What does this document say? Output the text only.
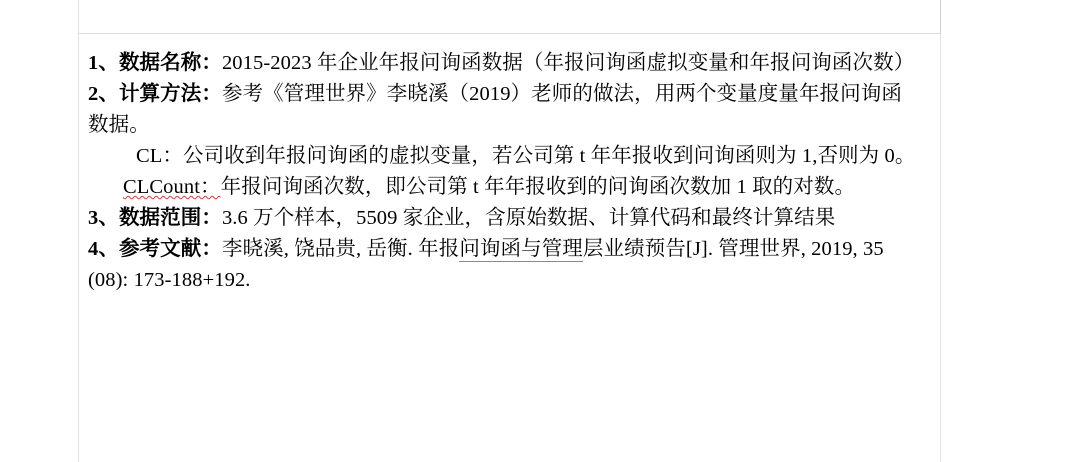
1、数据名称：2015-2023 年企业年报问询函数据（年报问询函虚拟变量和年报问询函次数）
2、计算方法：参考《管理世界》李晓溪（2019）老师的做法，用两个变量度量年报问询函
数据。
CL：公司收到年报问询函的虚拟变量，若公司第 t 年年报收到问询函则为 1,否则为 0。
CLCount：年报问询函次数，即公司第 t 年年报收到的问询函次数加 1 取的对数。
3、数据范围：3.6 万个样本，5509 家企业，含原始数据、计算代码和最终计算结果
4、参考文献：李晓溪, 饶品贵, 岳衡. 年报问询函与管理层业绩预告[J]. 管理世界, 2019, 35
(08): 173-188+192.
